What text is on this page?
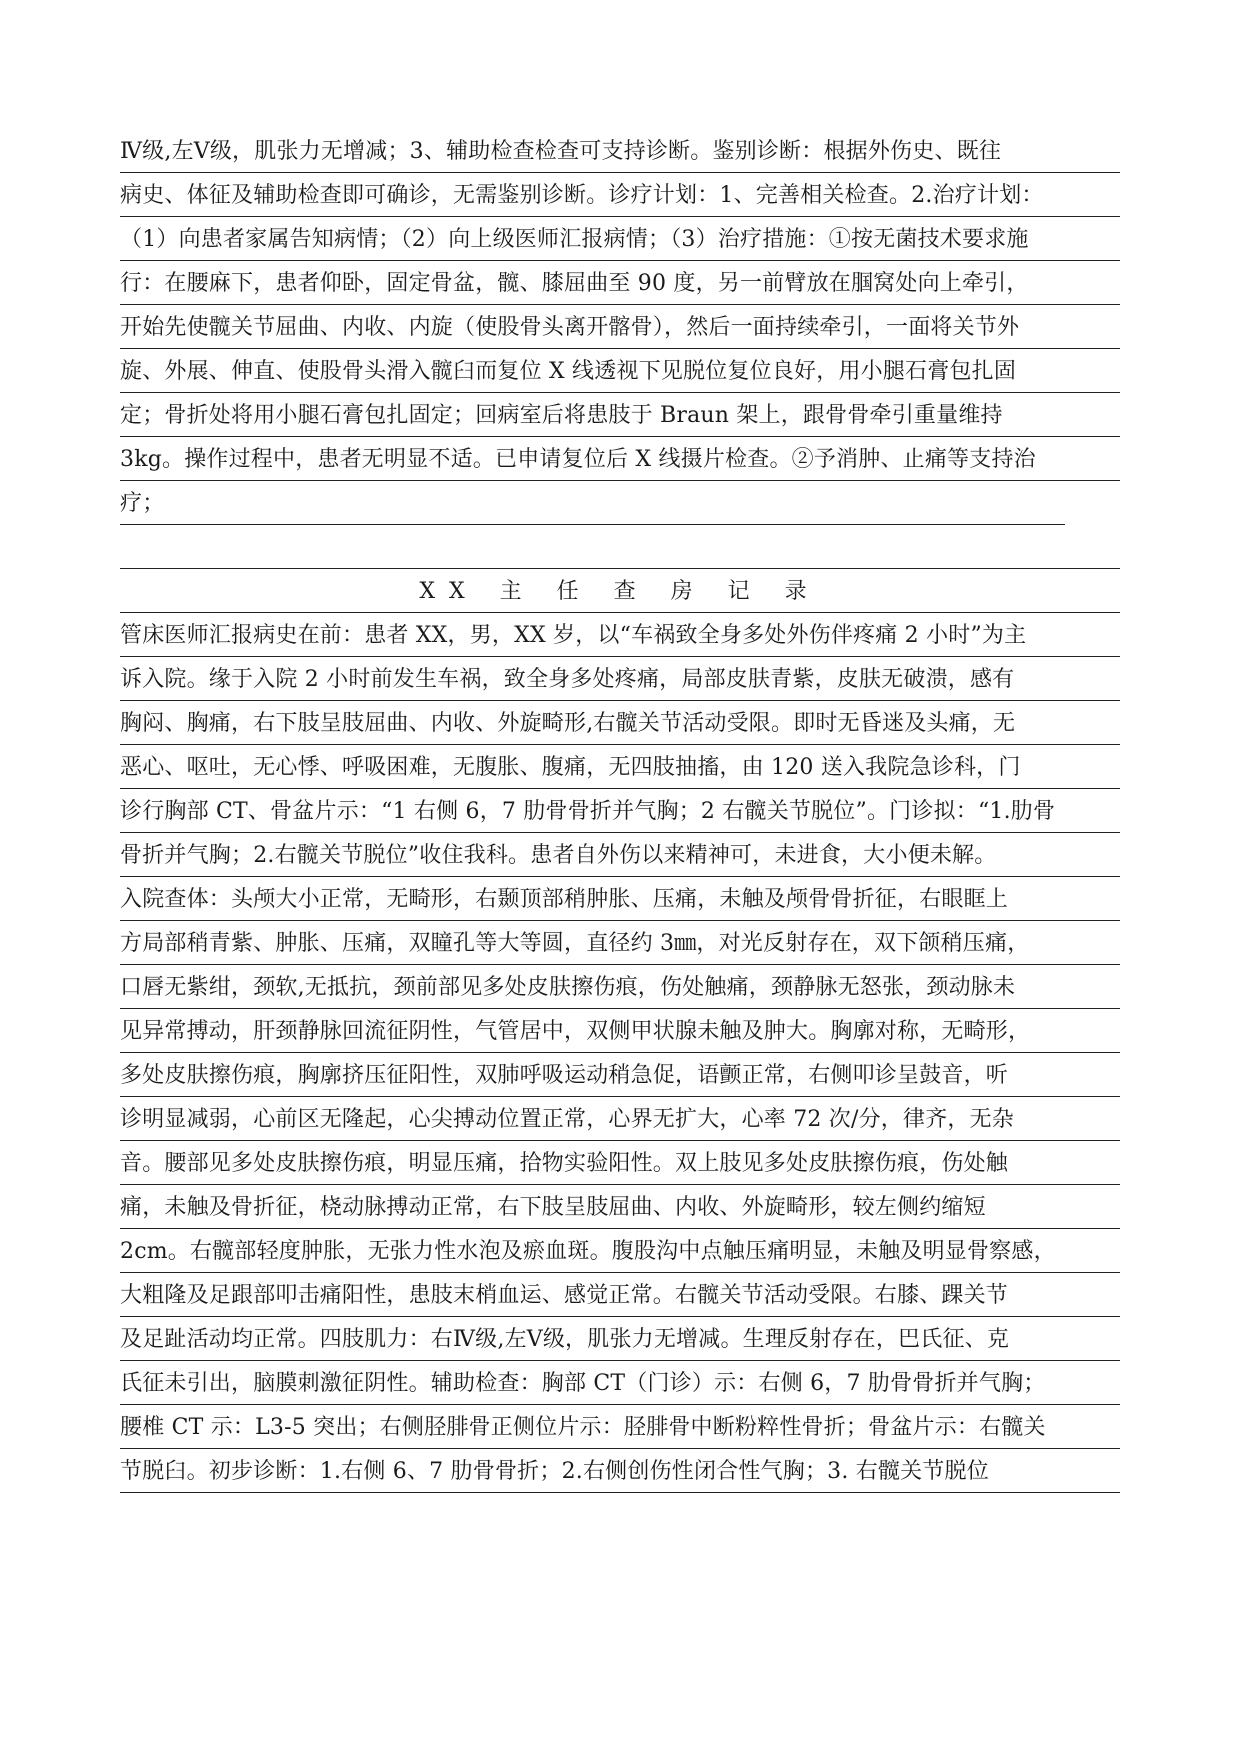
Ⅳ级,左Ⅴ级，肌张力无增减；3、辅助检查检查可支持诊断。鉴别诊断：根据外伤史、既往
病史、体征及辅助检查即可确诊，无需鉴别诊断。诊疗计划：1、完善相关检查。2.治疗计划：
（1）向患者家属告知病情；（2）向上级医师汇报病情；（3）治疗措施：①按无菌技术要求施
行：在腰麻下，患者仰卧，固定骨盆，髋、膝屈曲至 90 度，另一前臂放在腘窝处向上牵引，
开始先使髋关节屈曲、内收、内旋（使股骨头离开髂骨），然后一面持续牵引，一面将关节外
旋、外展、伸直、使股骨头滑入髋臼而复位 X 线透视下见脱位复位良好，用小腿石膏包扎固
定；骨折处将用小腿石膏包扎固定；回病室后将患肢于 Braun 架上，跟骨骨牵引重量维持
3kg。操作过程中，患者无明显不适。已申请复位后 X 线摄片检查。②予消肿、止痛等支持治
疗；
XX 主 任 查 房 记 录
管床医师汇报病史在前：患者 XX，男，XX 岁，以“车祸致全身多处外伤伴疼痛 2 小时”为主
诉入院。缘于入院 2 小时前发生车祸，致全身多处疼痛，局部皮肤青紫，皮肤无破溃，感有
胸闷、胸痛，右下肢呈肢屈曲、内收、外旋畸形,右髋关节活动受限。即时无昏迷及头痛，无
恶心、呕吐，无心悸、呼吸困难，无腹胀、腹痛，无四肢抽搐，由 120 送入我院急诊科，门
诊行胸部 CT、骨盆片示：“1 右侧 6，7 肋骨骨折并气胸；2 右髋关节脱位”。门诊拟：“1.肋骨
骨折并气胸；2.右髋关节脱位”收住我科。患者自外伤以来精神可，未进食，大小便未解。
入院查体：头颅大小正常，无畸形，右颞顶部稍肿胀、压痛，未触及颅骨骨折征，右眼眶上
方局部稍青紫、肿胀、压痛，双瞳孔等大等圆，直径约 3㎜，对光反射存在，双下颌稍压痛，
口唇无紫绀，颈软,无抵抗，颈前部见多处皮肤擦伤痕，伤处触痛，颈静脉无怒张，颈动脉未
见异常搏动，肝颈静脉回流征阴性，气管居中，双侧甲状腺未触及肿大。胸廓对称，无畸形，
多处皮肤擦伤痕，胸廓挤压征阳性，双肺呼吸运动稍急促，语颤正常，右侧叩诊呈鼓音，听
诊明显减弱，心前区无隆起，心尖搏动位置正常，心界无扩大，心率 72 次/分，律齐，无杂
音。腰部见多处皮肤擦伤痕，明显压痛，拾物实验阳性。双上肢见多处皮肤擦伤痕，伤处触
痛，未触及骨折征，桡动脉搏动正常，右下肢呈肢屈曲、内收、外旋畸形，较左侧约缩短
2cm。右髋部轻度肿胀，无张力性水泡及瘀血斑。腹股沟中点触压痛明显，未触及明显骨察感，
大粗隆及足跟部叩击痛阳性，患肢末梢血运、感觉正常。右髋关节活动受限。右膝、踝关节
及足趾活动均正常。四肢肌力：右Ⅳ级,左Ⅴ级，肌张力无增减。生理反射存在，巴氏征、克
氏征未引出，脑膜刺激征阴性。辅助检查：胸部 CT（门诊）示：右侧 6，7 肋骨骨折并气胸；
腰椎 CT 示：L3-5 突出；右侧胫腓骨正侧位片示：胫腓骨中断粉粹性骨折；骨盆片示：右髋关
节脱臼。初步诊断：1.右侧 6、7 肋骨骨折；2.右侧创伤性闭合性气胸；3. 右髋关节脱位
